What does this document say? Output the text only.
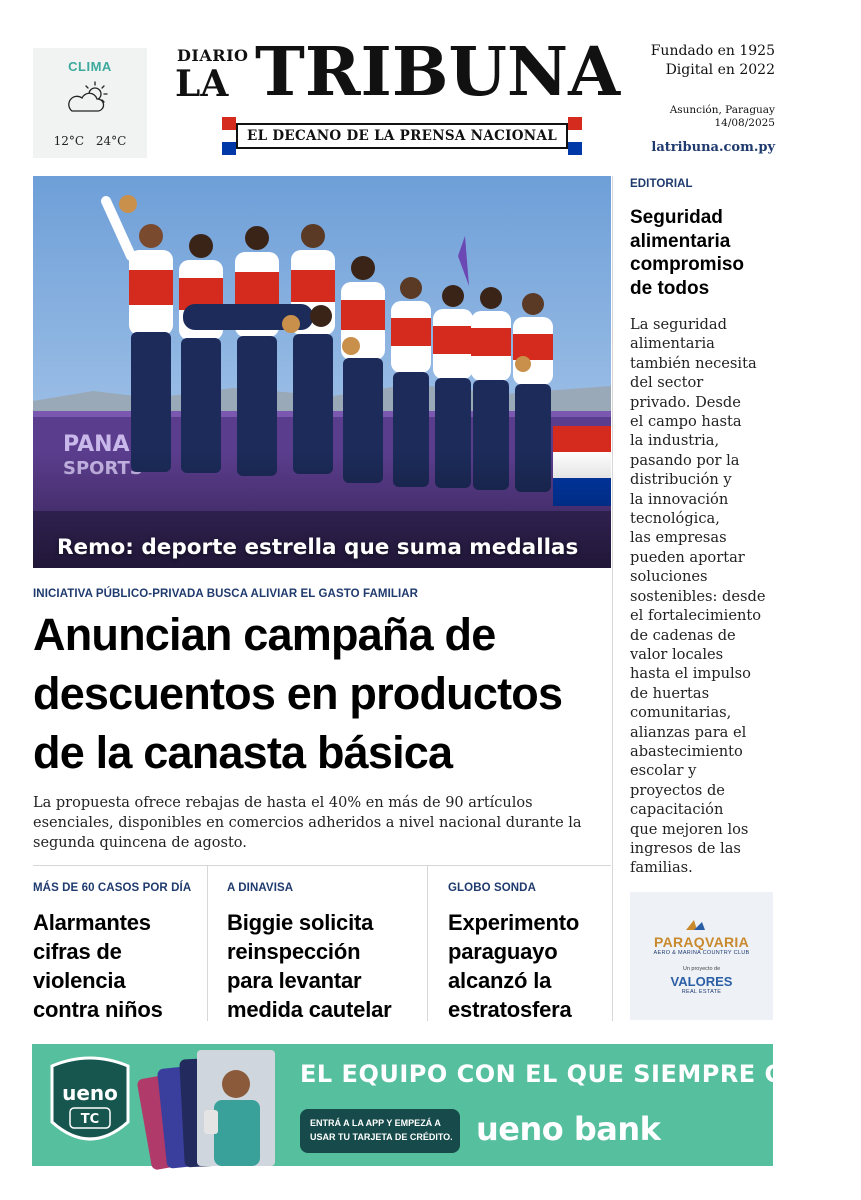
CLIMA
12°C 24°C
DIARIO
LA TRIBUNA
EL DECANO DE LA PRENSA NACIONAL
Fundado en 1925
Digital en 2022
Asunción, Paraguay
14/08/2025
latribuna.com.py
Remo: deporte estrella que suma medallas
INICIATIVA PÚBLICO-PRIVADA BUSCA ALIVIAR EL GASTO FAMILIAR
Anuncian campaña de
descuentos en productos
de la canasta básica
La propuesta ofrece rebajas de hasta el 40% en más de 90 artículos esenciales, disponibles en comercios adheridos a nivel nacional durante la segunda quincena de agosto.
MÁS DE 60 CASOS POR DÍA
Alarmantes
cifras de
violencia
contra niños
A DINAVISA
Biggie solicita
reinspección
para levantar
medida cautelar
GLOBO SONDA
Experimento
paraguayo
alcanzó la
estratosfera
EDITORIAL
Seguridad
alimentaria
compromiso
de todos
La seguridad
alimentaria
también necesita
del sector
privado. Desde
el campo hasta
la industria,
pasando por la
distribución y
la innovación
tecnológica,
las empresas
pueden aportar
soluciones
sostenibles: desde
el fortalecimiento
de cadenas de
valor locales
hasta el impulso
de huertas
comunitarias,
alianzas para el
abastecimiento
escolar y
proyectos de
capacitación
que mejoren los
ingresos de las
familias.
PARAQVARIA
AERO & MARINA COUNTRY CLUB
Un proyecto de
VALORES
REAL ESTATE
ueno
TC
EL EQUIPO CON EL QUE SIEMPRE GANÁS
ENTRÁ A LA APP Y EMPEZÁ A
USAR TU TARJETA DE CRÉDITO. ueno bank
